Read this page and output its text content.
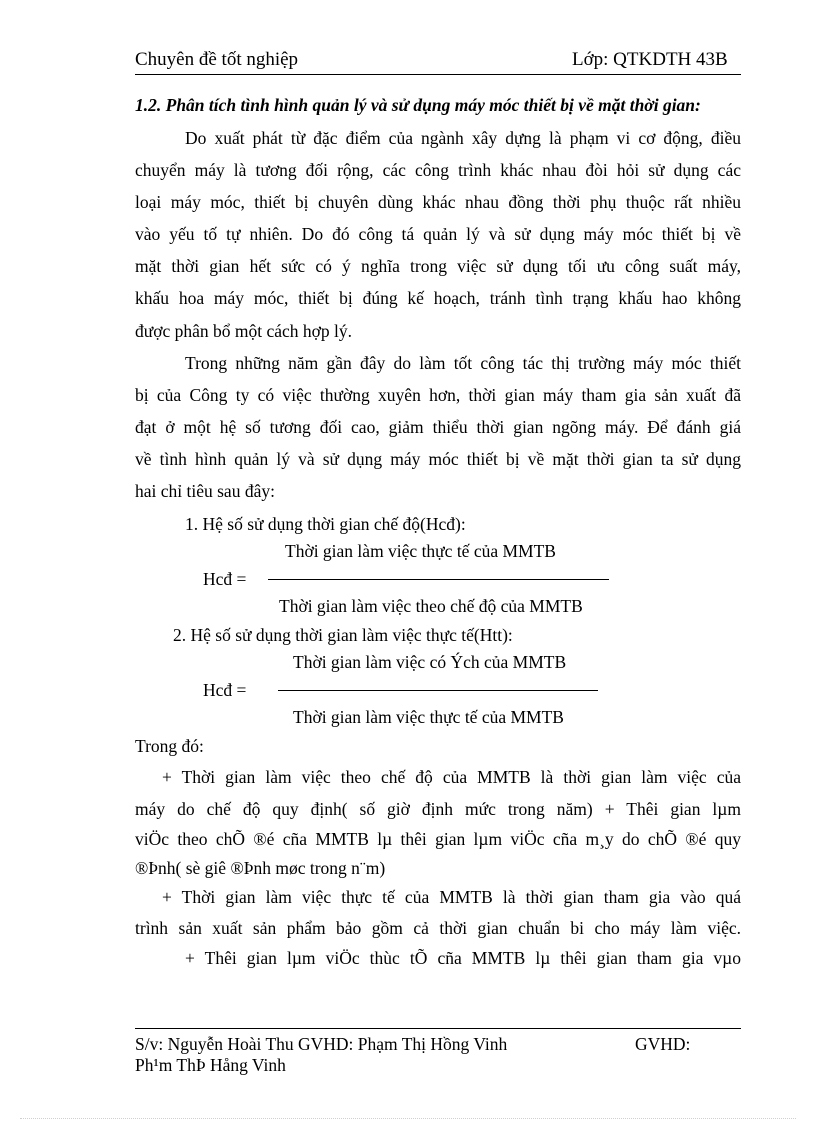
Chuyên đề tốt nghiệp	Lớp: QTKDTH 43B
1.2. Phân tích tình hình quản lý và sử dụng máy móc thiết bị về mặt thời gian:
Do xuất phát từ đặc điểm của ngành xây dựng là phạm vi cơ động, điều
chuyển máy là tương đối rộng, các công trình khác nhau đòi hỏi sử dụng các
loại máy móc, thiết bị chuyên dùng khác nhau đồng thời phụ thuộc rất nhiều
vào yếu tố tự nhiên. Do đó công tá quản lý và sử dụng máy móc thiết bị về
mặt thời gian hết sức có ý nghĩa trong việc sử dụng tối ưu công suất máy,
khấu hoa máy móc, thiết bị đúng kế hoạch, tránh tình trạng khấu hao không
được phân bổ một cách hợp lý.
Trong những năm gần đây do làm tốt công tác thị trường máy móc thiết
bị của Công ty có việc thường xuyên hơn, thời gian máy tham gia sản xuất đã
đạt ở một hệ số tương đối cao, giảm thiểu thời gian ngõng máy. Để đánh giá
về tình hình quản lý và sử dụng máy móc thiết bị về mặt thời gian ta sử dụng
hai chỉ tiêu sau đây:
1. Hệ số sử dụng thời gian chế độ(Hcđ):
Thời gian làm việc thực tế của MMTB
Hcđ =
Thời gian làm việc theo chế độ của MMTB
2. Hệ số sử dụng thời gian làm việc thực tế(Htt):
Thời gian làm việc có Ých của MMTB
Hcđ =
Thời gian làm việc thực tế của MMTB
Trong đó:
+ Thời gian làm việc theo chế độ của MMTB là thời gian làm việc của
máy do chế độ quy định( số giờ định mức trong năm) + Thêi gian lµm
viÖc theo chÕ ®é cña MMTB lµ thêi gian lµm viÖc cña m¸y do chÕ ®é quy
®Þnh( sè giê ®Þnh møc trong n¨m)
+ Thời gian làm việc thực tế của MMTB là thời gian tham gia vào quá
trình sản xuất sản phẩm bảo gồm cả thời gian chuẩn bi cho máy làm việc.
+ Thêi gian lµm viÖc thùc tÕ cña MMTB lµ thêi gian tham gia vµo
S/v: Nguyễn Hoài Thu GVHD: Phạm Thị Hồng Vinh	GVHD:
Ph¹m ThÞ Hång Vinh
